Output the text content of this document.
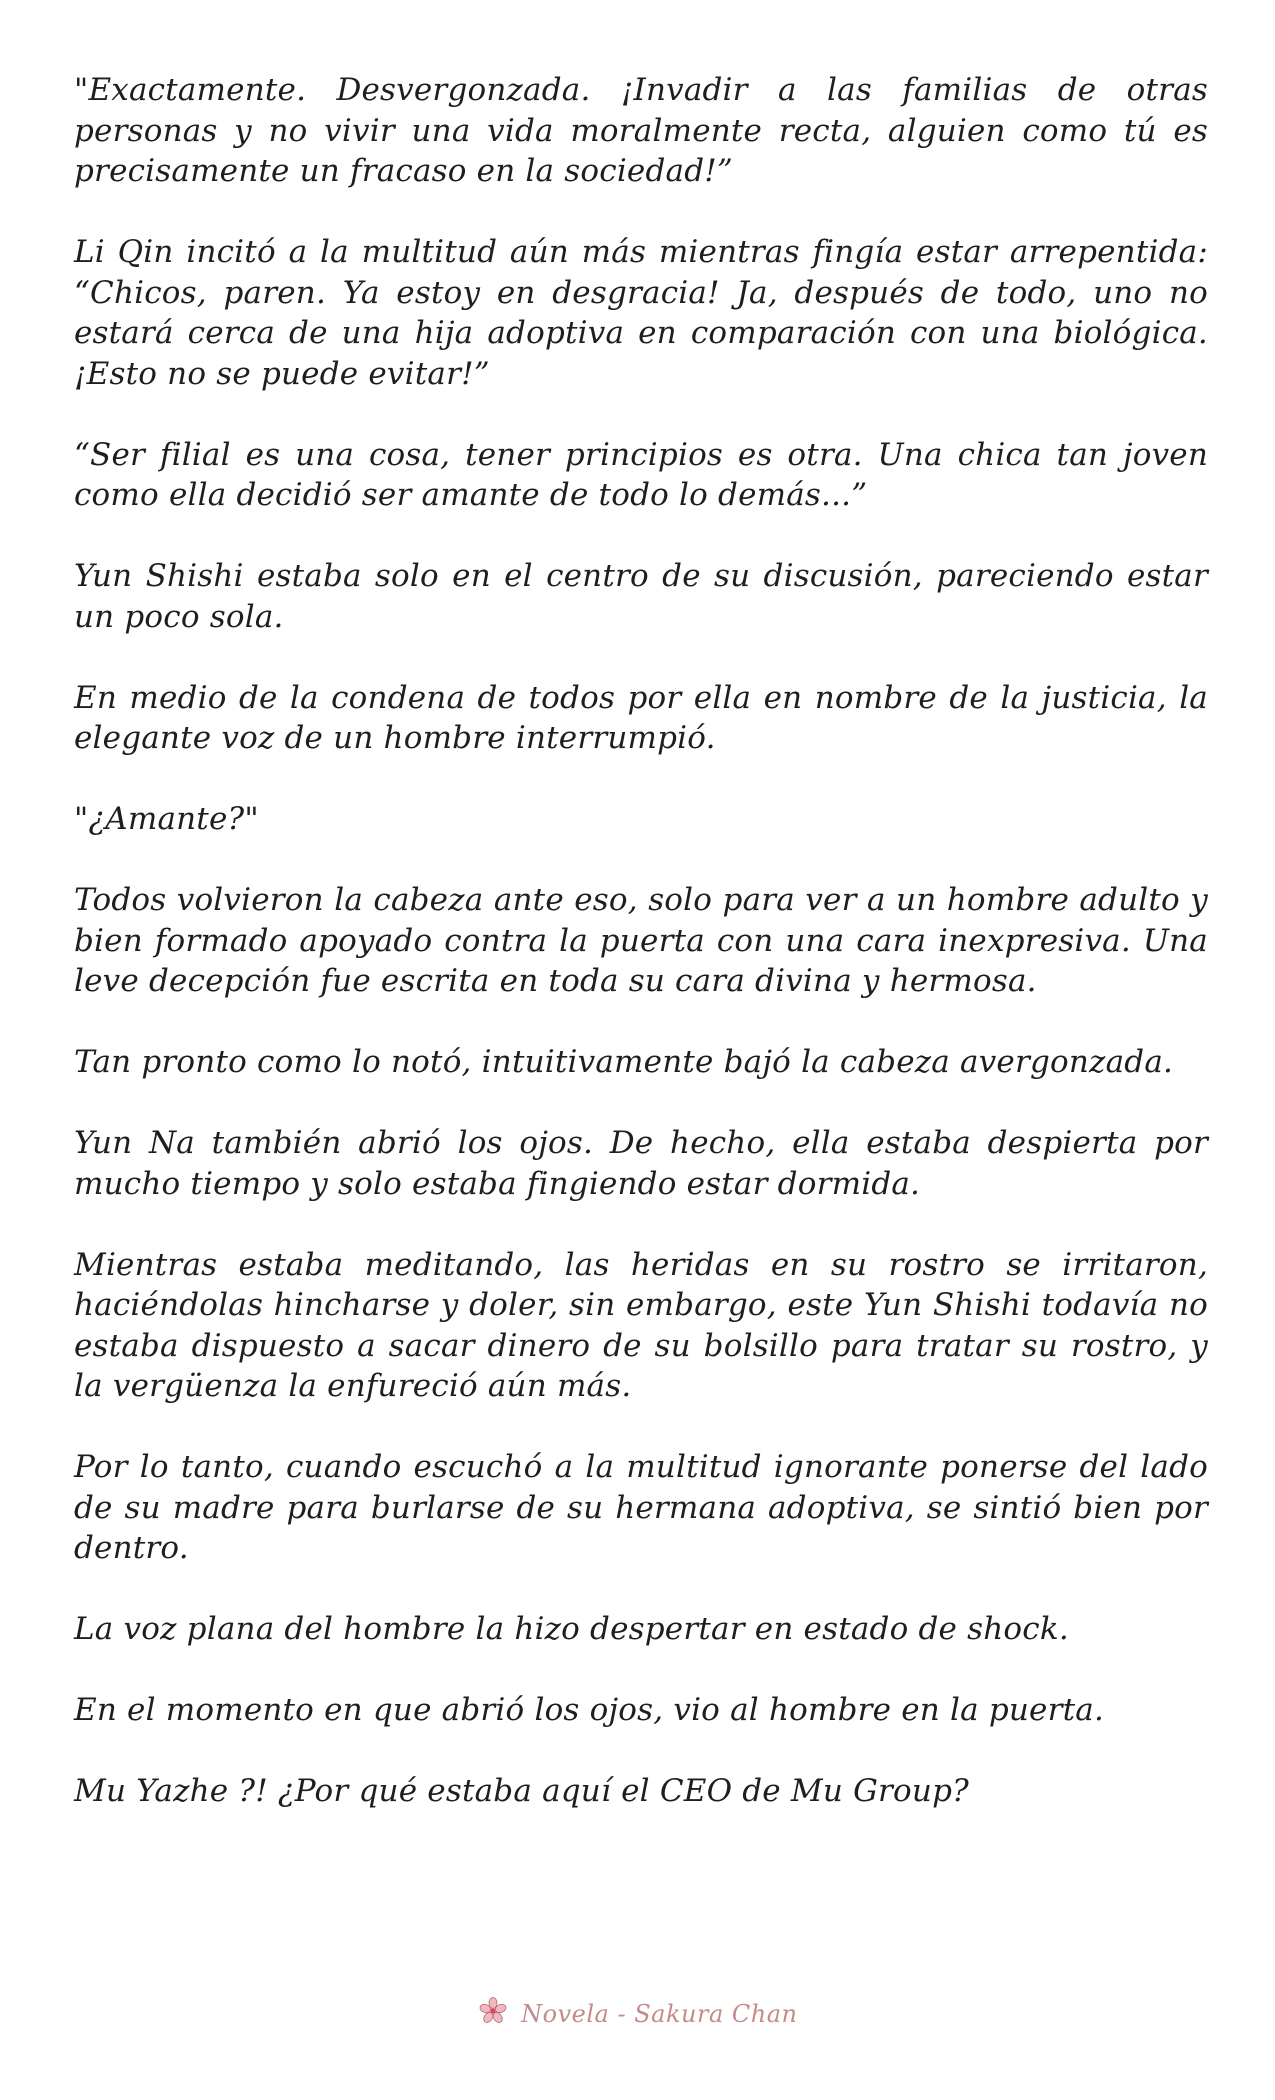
"Exactamente. Desvergonzada. ¡Invadir a las familias de otras personas y no vivir una vida moralmente recta, alguien como tú es precisamente un fracaso en la sociedad!”

Li Qin incitó a la multitud aún más mientras fingía estar arrepentida: “Chicos, paren. Ya estoy en desgracia! Ja, después de todo, uno no estará cerca de una hija adoptiva en comparación con una biológica. ¡Esto no se puede evitar!”

“Ser filial es una cosa, tener principios es otra. Una chica tan joven como ella decidió ser amante de todo lo demás...”

Yun Shishi estaba solo en el centro de su discusión, pareciendo estar un poco sola.

En medio de la condena de todos por ella en nombre de la justicia, la elegante voz de un hombre interrumpió.

"¿Amante?"

Todos volvieron la cabeza ante eso, solo para ver a un hombre adulto y bien formado apoyado contra la puerta con una cara inexpresiva. Una leve decepción fue escrita en toda su cara divina y hermosa.

Tan pronto como lo notó, intuitivamente bajó la cabeza avergonzada.

Yun Na también abrió los ojos. De hecho, ella estaba despierta por mucho tiempo y solo estaba fingiendo estar dormida.

Mientras estaba meditando, las heridas en su rostro se irritaron, haciéndolas hincharse y doler, sin embargo, este Yun Shishi todavía no estaba dispuesto a sacar dinero de su bolsillo para tratar su rostro, y la vergüenza la enfureció aún más.

Por lo tanto, cuando escuchó a la multitud ignorante ponerse del lado de su madre para burlarse de su hermana adoptiva, se sintió bien por dentro.

La voz plana del hombre la hizo despertar en estado de shock.

En el momento en que abrió los ojos, vio al hombre en la puerta.

Mu Yazhe ?! ¿Por qué estaba aquí el CEO de Mu Group?

Novela - Sakura Chan
